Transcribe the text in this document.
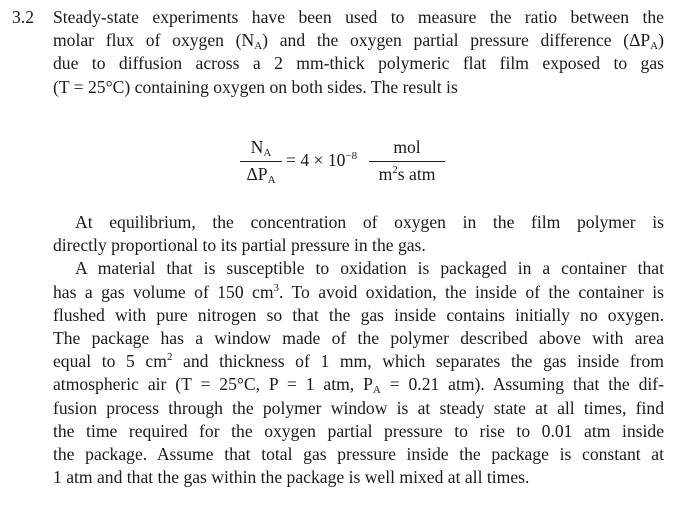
3.2	Steady-state experiments have been used to measure the ratio between the
molar flux of oxygen $(N_A)$ and the oxygen partial pressure difference $(\Delta P_A)$
due to diffusion across a 2 mm-thick polymeric flat film exposed to gas
(T = 25°C) containing oxygen on both sides. The result is
At equilibrium, the concentration of oxygen in the film polymer is
directly proportional to its partial pressure in the gas.
A material that is susceptible to oxidation is packaged in a container that
has a gas volume of 150 $cm^3$. To avoid oxidation, the inside of the container is
flushed with pure nitrogen so that the gas inside contains initially no oxygen.
The package has a window made of the polymer described above with area
equal to 5 $cm^2$ and thickness of 1 mm, which separates the gas inside from
atmospheric air (T = 25°C, P = 1 atm, $P_A = 0.21$ atm). Assuming that the dif-
fusion process through the polymer window is at steady state at all times, find
the time required for the oxygen partial pressure to rise to 0.01 atm inside
the package. Assume that total gas pressure inside the package is constant at
1 atm and that the gas within the package is well mixed at all times.
$N_A$
$\Delta P_A$
= $4 \times 10^{-8}$	mol
$m^2s$ atm
